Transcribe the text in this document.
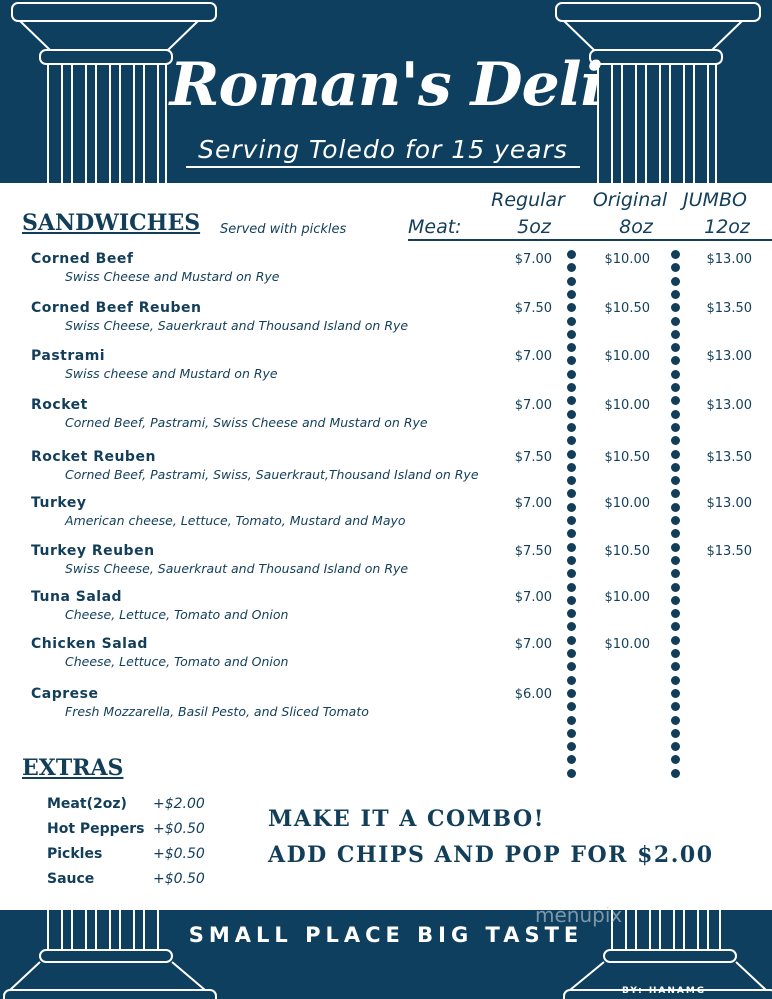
Roman's Deli
Serving Toledo for 15 years
SANDWICHES Served with pickles	Meat:
Regular
5oz
Original
8oz
JUMBO
12oz
Corned Beef
Swiss Cheese and Mustard on Rye
$7.00	$10.00	$13.00
Corned Beef Reuben
Swiss Cheese, Sauerkraut and Thousand Island on Rye
$7.50	$10.50	$13.50
Pastrami
Swiss cheese and Mustard on Rye
$7.00	$10.00	$13.00
Rocket
Corned Beef, Pastrami, Swiss Cheese and Mustard on Rye
$7.00	$10.00	$13.00
Rocket Reuben
Corned Beef, Pastrami, Swiss, Sauerkraut,Thousand Island on Rye
$7.50	$10.50	$13.50
Turkey
American cheese, Lettuce, Tomato, Mustard and Mayo
$7.00	$10.00	$13.00
Turkey Reuben
Swiss Cheese, Sauerkraut and Thousand Island on Rye
$7.50	$10.50	$13.50
Tuna Salad
Cheese, Lettuce, Tomato and Onion
$7.00	$10.00
Chicken Salad
Cheese, Lettuce, Tomato and Onion
$7.00	$10.00
Caprese
Fresh Mozzarella, Basil Pesto, and Sliced Tomato
$6.00
EXTRAS
Meat(2oz) +$2.00
Hot Peppers +$0.50
Pickles	+$0.50
Sauce	+$0.50
MAKE IT A COMBO!
ADD CHIPS AND POP FOR $2.00
menupix
SMALL PLACE BIG TASTE
BY: HANAMG
